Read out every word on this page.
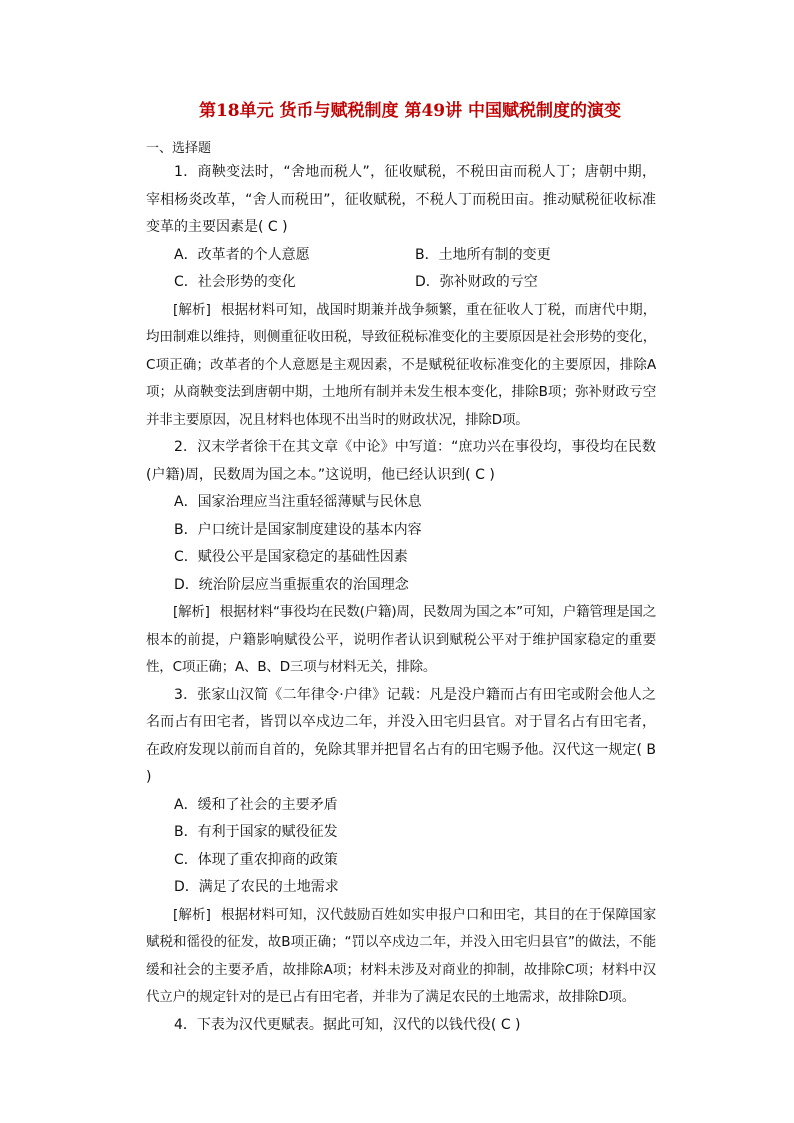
第18单元 货币与赋税制度 第49讲 中国赋税制度的演变
一、选择题

1．商鞅变法时，“舍地而税人”，征收赋税，不税田亩而税人丁；唐朝中期，宰相杨炎改革，“舍人而税田”，征收赋税，不税人丁而税田亩。推动赋税征收标准变革的主要因素是( C )

A．改革者的个人意愿	B．土地所有制的变更
C．社会形势的变化	D．弥补财政的亏空

[解析] 根据材料可知，战国时期兼并战争频繁，重在征收人丁税，而唐代中期，均田制难以维持，则侧重征收田税，导致征税标准变化的主要原因是社会形势的变化，C项正确；改革者的个人意愿是主观因素，不是赋税征收标准变化的主要原因，排除A项；从商鞅变法到唐朝中期，土地所有制并未发生根本变化，排除B项；弥补财政亏空并非主要原因，况且材料也体现不出当时的财政状况，排除D项。

2．汉末学者徐干在其文章《中论》中写道：“庶功兴在事役均，事役均在民数(户籍)周，民数周为国之本。”这说明，他已经认识到( C )

A．国家治理应当注重轻徭薄赋与民休息
B．户口统计是国家制度建设的基本内容
C．赋役公平是国家稳定的基础性因素
D．统治阶层应当重振重农的治国理念

[解析] 根据材料“事役均在民数(户籍)周，民数周为国之本”可知，户籍管理是国之根本的前提，户籍影响赋役公平，说明作者认识到赋税公平对于维护国家稳定的重要性，C项正确；A、B、D三项与材料无关，排除。

3．张家山汉简《二年律令·户律》记载：凡是没户籍而占有田宅或附会他人之名而占有田宅者，皆罚以卒戍边二年，并没入田宅归县官。对于冒名占有田宅者，在政府发现以前而自首的，免除其罪并把冒名占有的田宅赐予他。汉代这一规定( B )

A．缓和了社会的主要矛盾
B．有利于国家的赋役征发
C．体现了重农抑商的政策
D．满足了农民的土地需求

[解析] 根据材料可知，汉代鼓励百姓如实申报户口和田宅，其目的在于保障国家赋税和徭役的征发，故B项正确；“罚以卒戍边二年，并没入田宅归县官”的做法，不能缓和社会的主要矛盾，故排除A项；材料未涉及对商业的抑制，故排除C项；材料中汉代立户的规定针对的是已占有田宅者，并非为了满足农民的土地需求，故排除D项。

4．下表为汉代更赋表。据此可知，汉代的以钱代役( C )
